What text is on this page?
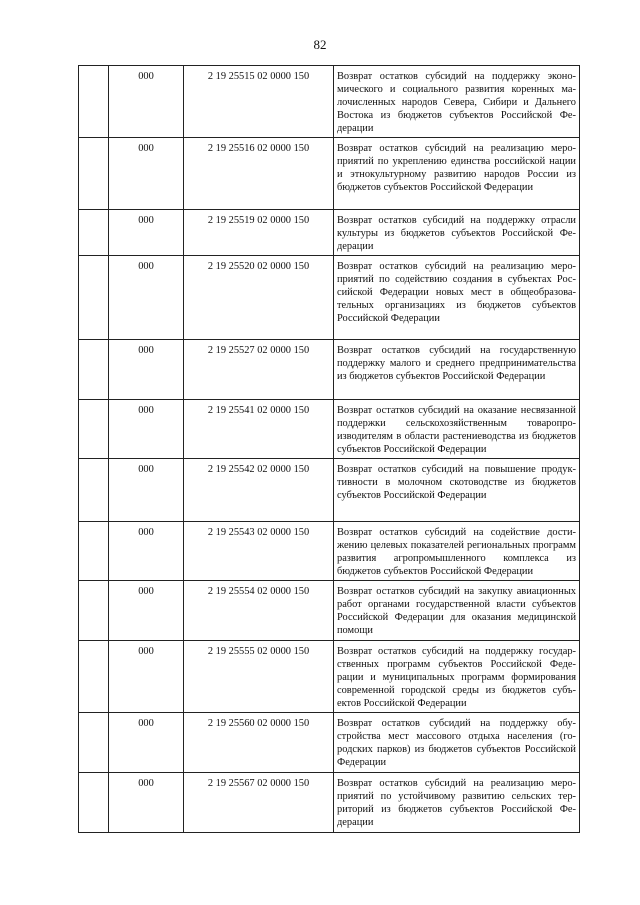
82
	000	2 19 25515 02 0000 150	Возврат остатков субсидий на поддержку экономического и социального развития коренных малочисленных народов Севера, Сибири и Дальнего Востока из бюджетов субъектов Российской Федерации
	000	2 19 25516 02 0000 150	Возврат остатков субсидий на реализацию мероприятий по укреплению единства российской нации и этнокультурному развитию народов России из бюджетов субъектов Российской Федерации
	000	2 19 25519 02 0000 150	Возврат остатков субсидий на поддержку отрасли культуры из бюджетов субъектов Российской Федерации
	000	2 19 25520 02 0000 150	Возврат остатков субсидий на реализацию мероприятий по содействию создания в субъектах Российской Федерации новых мест в общеобразовательных организациях из бюджетов субъектов Российской Федерации
	000	2 19 25527 02 0000 150	Возврат остатков субсидий на государственную поддержку малого и среднего предпринимательства из бюджетов субъектов Российской Федерации
	000	2 19 25541 02 0000 150	Возврат остатков субсидий на оказание несвязанной поддержки сельскохозяйственным товаропроизводителям в области растениеводства из бюджетов субъектов Российской Федерации
	000	2 19 25542 02 0000 150	Возврат остатков субсидий на повышение продуктивности в молочном скотоводстве из бюджетов субъектов Российской Федерации
	000	2 19 25543 02 0000 150	Возврат остатков субсидий на содействие достижению целевых показателей региональных программ развития агропромышленного комплекса из бюджетов субъектов Российской Федерации
	000	2 19 25554 02 0000 150	Возврат остатков субсидий на закупку авиационных работ органами государственной власти субъектов Российской Федерации для оказания медицинской помощи
	000	2 19 25555 02 0000 150	Возврат остатков субсидий на поддержку государственных программ субъектов Российской Федерации и муниципальных программ формирования современной городской среды из бюджетов субъектов Российской Федерации
	000	2 19 25560 02 0000 150	Возврат остатков субсидий на поддержку обустройства мест массового отдыха населения (городских парков) из бюджетов субъектов Российской Федерации
	000	2 19 25567 02 0000 150	Возврат остатков субсидий на реализацию мероприятий по устойчивому развитию сельских территорий из бюджетов субъектов Российской Федерации
